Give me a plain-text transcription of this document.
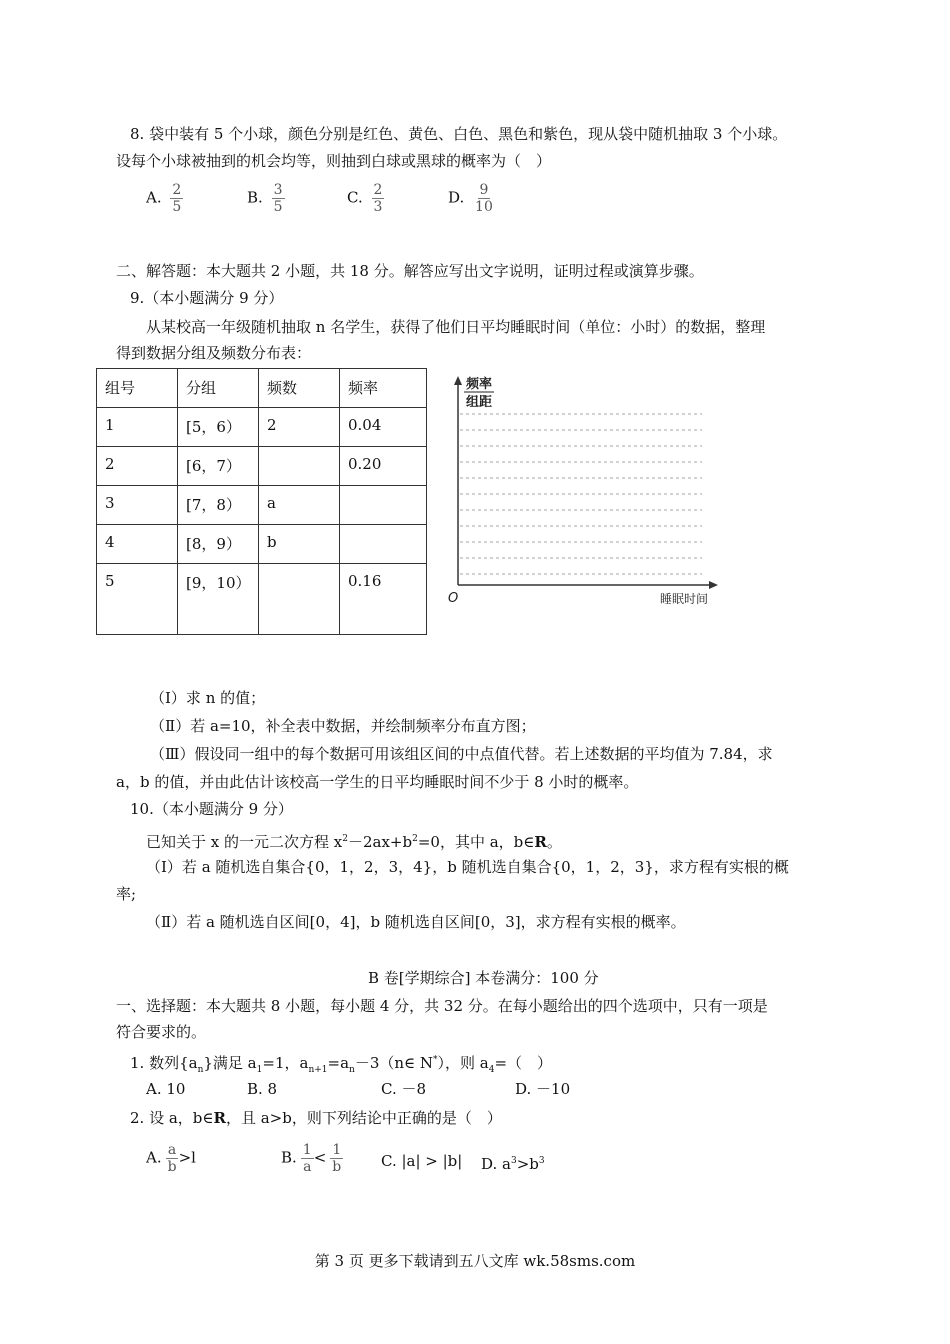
8. 袋中装有 5 个小球，颜色分别是红色、黄色、白色、黑色和紫色，现从袋中随机抽取 3 个小球。
设每个小球被抽到的机会均等，则抽到白球或黑球的概率为（　）
A. $\frac{2}{5}$	B. $\frac{3}{5}$	C. $\frac{2}{3}$	D. $\frac{9}{10}$
二、解答题：本大题共 2 小题，共 18 分。解答应写出文字说明，证明过程或演算步骤。
9.（本小题满分 9 分）
从某校高一年级随机抽取 n 名学生，获得了他们日平均睡眠时间（单位：小时）的数据，整理
得到数据分组及频数分布表：
组号	分组	频数	频率
1	[5，6）	2	0.04
2	[6，7）		0.20
3	[7，8）	a	
4	[8，9）	b	
5	[9，10）		0.16
频率
组距
O	睡眠时间
（Ⅰ）求 n 的值；
（Ⅱ）若 a=10，补全表中数据，并绘制频率分布直方图；
（Ⅲ）假设同一组中的每个数据可用该组区间的中点值代替。若上述数据的平均值为 7.84，求
a，b 的值，并由此估计该校高一学生的日平均睡眠时间不少于 8 小时的概率。
10.（本小题满分 9 分）
已知关于 x 的一元二次方程 $x^2-2ax+b^2=0$，其中 a，b∈R。
（Ⅰ）若 a 随机选自集合{0，1，2，3，4}，b 随机选自集合{0，1，2，3}，求方程有实根的概
率;
（Ⅱ）若 a 随机选自区间[0，4]，b 随机选自区间[0，3]，求方程有实根的概率。
B 卷[学期综合] 本卷满分：100 分
一、选择题：本大题共 8 小题，每小题 4 分，共 32 分。在每小题给出的四个选项中，只有一项是
符合要求的。
1. 数列$\{a_n\}$满足 $a_1=1$，$a_{n+1}=a_n-3(n\in$ N*），则 $a_4=$（　）
A. 10	B. 8	C. －8	D. －10
2. 设 a，b∈R，且 a>b，则下列结论中正确的是（　）
A. $\frac{a}{b} >l$	B. $\frac{1}{a} < \frac{1}{b}$	C. |a| > |b| D. $a^3>b^3$
第 3 页 更多下载请到五八文库 wk.58sms.com
